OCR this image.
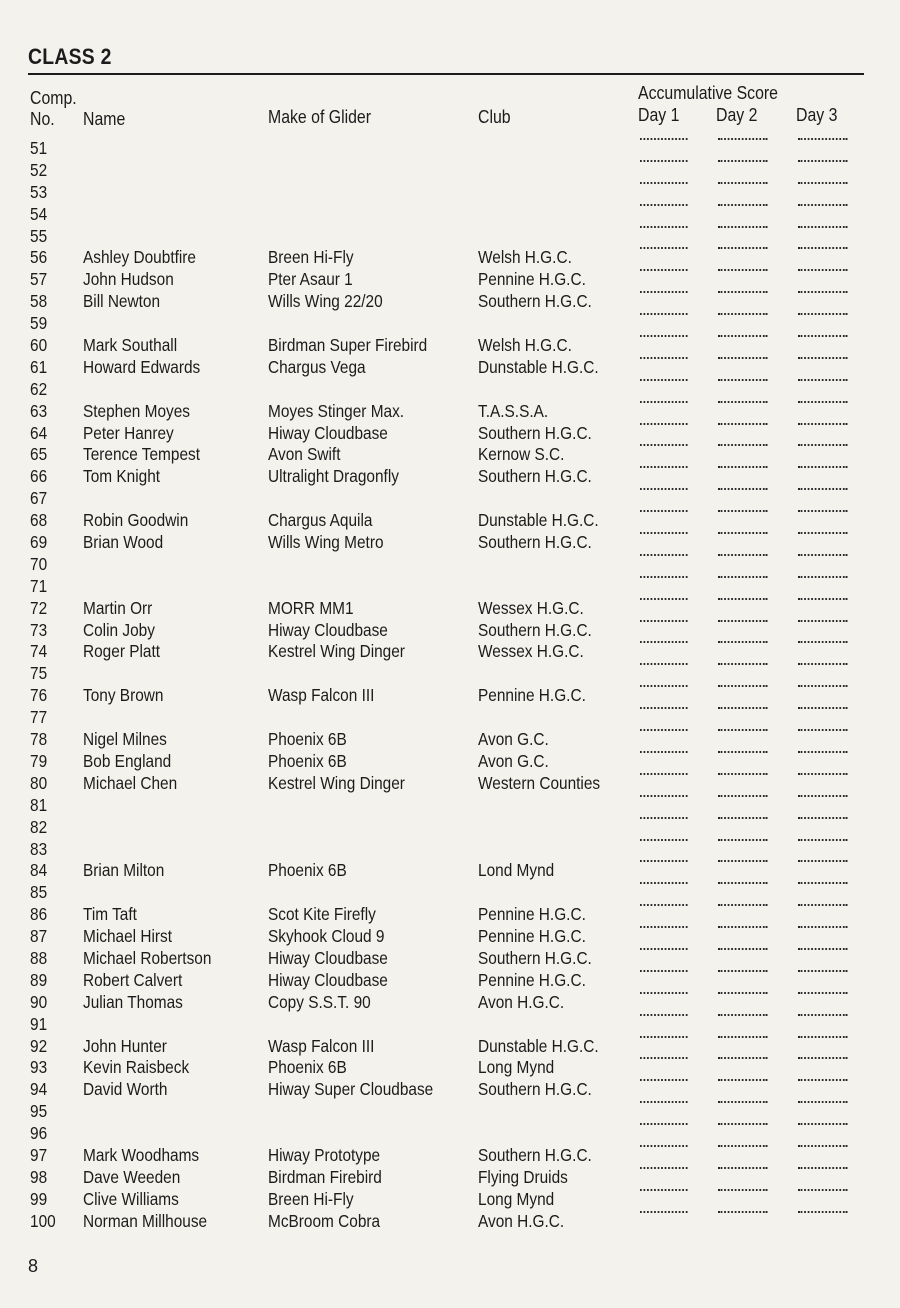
CLASS 2
Accumulative Score
Comp.
No. Name	Make of Glider	Club	Day 1 Day 2 Day 3
51
52
53
54
55
56 Ashley Doubtfire	Breen Hi-Fly	Welsh H.G.C.
57 John Hudson	Pter Asaur 1	Pennine H.G.C.
58 Bill Newton	Wills Wing 22/20	Southern H.G.C.
59
60 Mark Southall	Birdman Super Firebird	Welsh H.G.C.
61 Howard Edwards	Chargus Vega	Dunstable H.G.C.
62
63 Stephen Moyes	Moyes Stinger Max.	T.A.S.S.A.
64 Peter Hanrey	Hiway Cloudbase	Southern H.G.C.
65 Terence Tempest	Avon Swift	Kernow S.C.
66 Tom Knight	Ultralight Dragonfly	Southern H.G.C.
67
68 Robin Goodwin	Chargus Aquila	Dunstable H.G.C.
69 Brian Wood	Wills Wing Metro	Southern H.G.C.
70
71
72 Martin Orr	MORR MM1	Wessex H.G.C.
73 Colin Joby	Hiway Cloudbase	Southern H.G.C.
74 Roger Platt	Kestrel Wing Dinger	Wessex H.G.C.
75
76 Tony Brown	Wasp Falcon III	Pennine H.G.C.
77
78 Nigel Milnes	Phoenix 6B	Avon G.C.
79 Bob England	Phoenix 6B	Avon G.C.
80 Michael Chen	Kestrel Wing Dinger	Western Counties
81
82
83
84 Brian Milton	Phoenix 6B	Lond Mynd
85
86 Tim Taft	Scot Kite Firefly	Pennine H.G.C.
87 Michael Hirst	Skyhook Cloud 9	Pennine H.G.C.
88 Michael Robertson	Hiway Cloudbase	Southern H.G.C.
89 Robert Calvert	Hiway Cloudbase	Pennine H.G.C.
90 Julian Thomas	Copy S.S.T. 90	Avon H.G.C.
91
92 John Hunter	Wasp Falcon III	Dunstable H.G.C.
93 Kevin Raisbeck	Phoenix 6B	Long Mynd
94 David Worth	Hiway Super Cloudbase	Southern H.G.C.
95
96
97 Mark Woodhams	Hiway Prototype	Southern H.G.C.
98 Dave Weeden	Birdman Firebird	Flying Druids
99 Clive Williams	Breen Hi-Fly	Long Mynd
100 Norman Millhouse	McBroom Cobra	Avon H.G.C.
8
